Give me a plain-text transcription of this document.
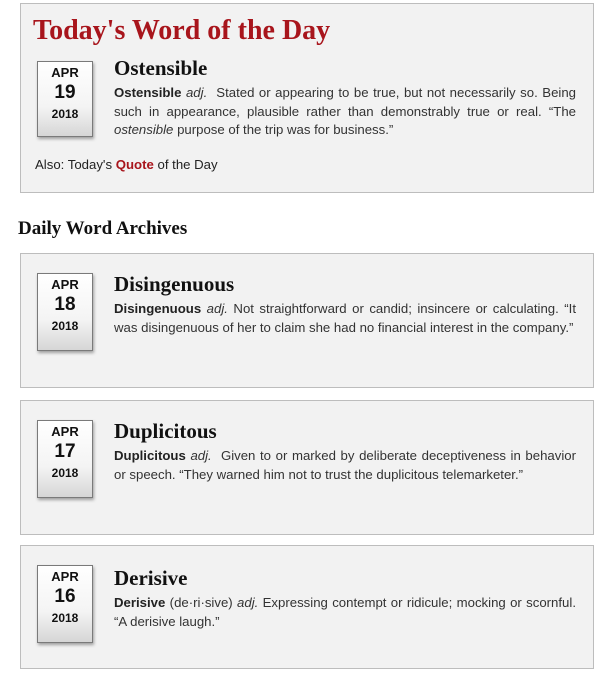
Today's Word of the Day
APR
19
2018
Ostensible

Ostensible adj. Stated or appearing to be true, but not necessarily so. Being such in appearance, plausible rather than demonstrably true or real. “The ostensible purpose of the trip was for business.”

Also: Today's Quote of the Day

Daily Word Archives
APR
18
2018
Disingenuous

Disingenuous adj. Not straightforward or candid; insincere or calculating. “It was disingenuous of her to claim she had no financial interest in the company.”

APR
17
2018
Duplicitous

Duplicitous adj. Given to or marked by deliberate deceptiveness in behavior or speech. “They warned him not to trust the duplicitous telemarketer.”

APR
16
2018
Derisive

Derisive (de·ri·sive) adj. Expressing contempt or ridicule; mocking or scornful. “A derisive laugh.”
